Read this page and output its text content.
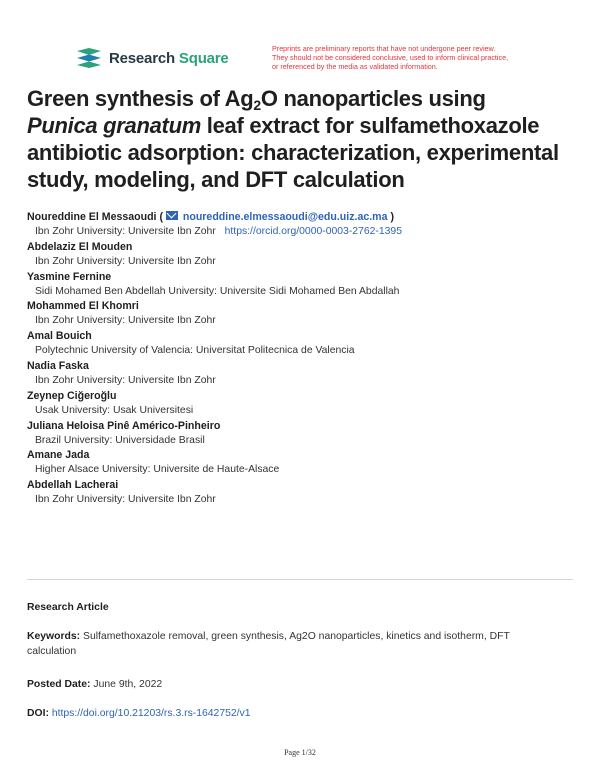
Research Square
Preprints are preliminary reports that have not undergone peer review.
They should not be considered conclusive, used to inform clinical practice,
or referenced by the media as validated information.
Green synthesis of $Ag_2O$ nanoparticles using
Punica granatum leaf extract for sulfamethoxazole
antibiotic adsorption: characterization, experimental
study, modeling, and DFT calculation
Noureddine El Messaoudi (  noureddine.elmessaoudi@edu.uiz.ac.ma )
Ibn Zohr University: Universite Ibn Zohr https://orcid.org/0000-0003-2762-1395
Abdelaziz El Mouden
Ibn Zohr University: Universite Ibn Zohr
Yasmine Fernine
Sidi Mohamed Ben Abdellah University: Universite Sidi Mohamed Ben Abdallah
Mohammed El Khomri
Ibn Zohr University: Universite Ibn Zohr
Amal Bouich
Polytechnic University of Valencia: Universitat Politecnica de Valencia
Nadia Faska
Ibn Zohr University: Universite Ibn Zohr
Zeynep Ciğeroğlu
Usak University: Usak Universitesi
Juliana Heloisa Pinê Américo-Pinheiro
Brazil University: Universidade Brasil
Amane Jada
Higher Alsace University: Universite de Haute-Alsace
Abdellah Lacherai
Ibn Zohr University: Universite Ibn Zohr
Research Article
Keywords: Sulfamethoxazole removal, green synthesis, Ag2O nanoparticles, kinetics and isotherm, DFT
calculation
Posted Date: June 9th, 2022
DOI: https://doi.org/10.21203/rs.3.rs-1642752/v1
Page 1/32
